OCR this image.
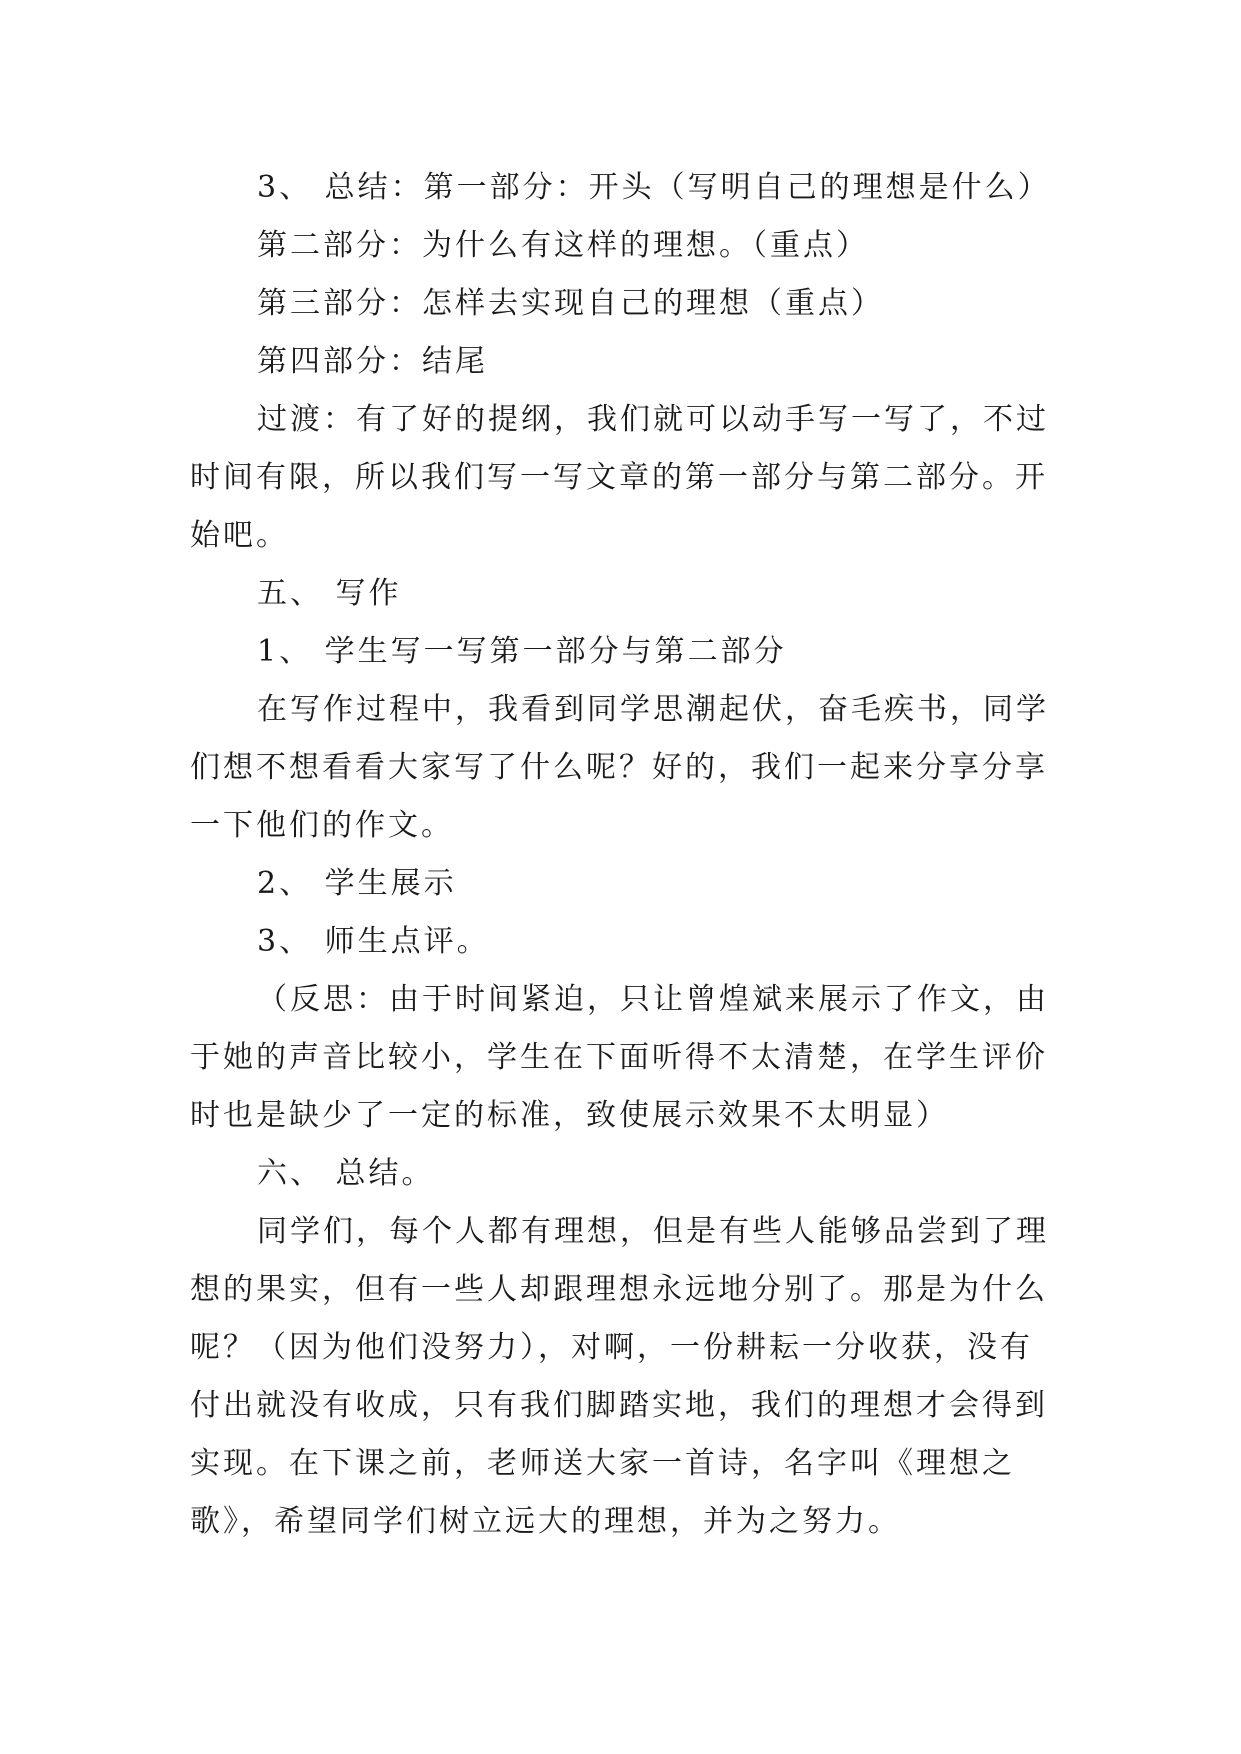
3、 总结：第一部分：开头（写明自己的理想是什么）
第二部分：为什么有这样的理想。（重点）
第三部分：怎样去实现自己的理想（重点）
第四部分：结尾
过渡：有了好的提纲，我们就可以动手写一写了，不过
时间有限，所以我们写一写文章的第一部分与第二部分。开
始吧。
五、 写作
1、 学生写一写第一部分与第二部分
在写作过程中，我看到同学思潮起伏，奋毛疾书，同学
们想不想看看大家写了什么呢？好的，我们一起来分享分享
一下他们的作文。
2、 学生展示
3、 师生点评。
（反思：由于时间紧迫，只让曾煌斌来展示了作文，由
于她的声音比较小，学生在下面听得不太清楚，在学生评价
时也是缺少了一定的标准，致使展示效果不太明显）
六、 总结。
同学们，每个人都有理想，但是有些人能够品尝到了理
想的果实，但有一些人却跟理想永远地分别了。那是为什么
呢？（因为他们没努力），对啊，一份耕耘一分收获，没有
付出就没有收成，只有我们脚踏实地，我们的理想才会得到
实现。在下课之前，老师送大家一首诗，名字叫《理想之
歌》，希望同学们树立远大的理想，并为之努力。
